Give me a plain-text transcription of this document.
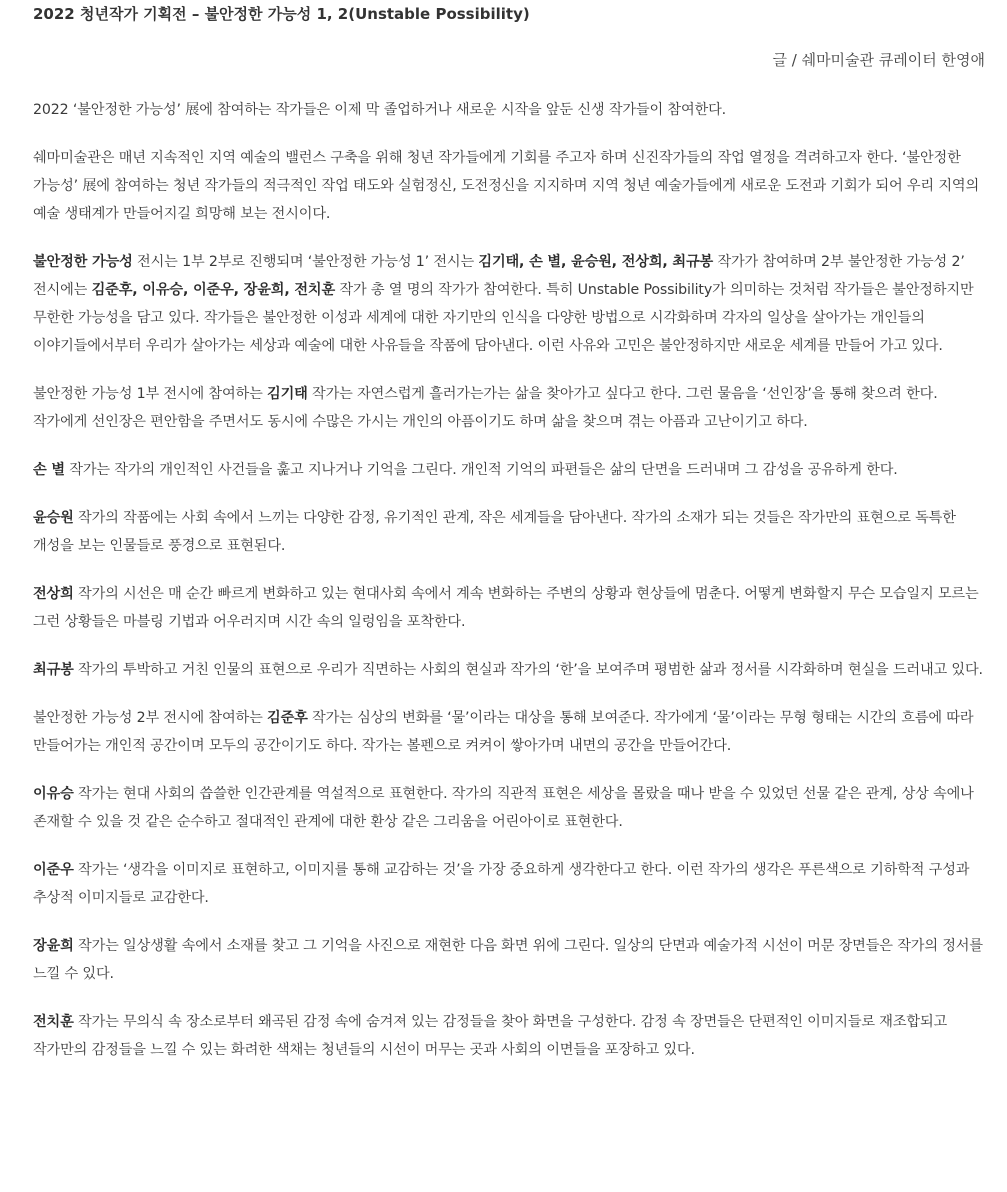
2022 청년작가 기획전 – 불안정한 가능성 1, 2(Unstable Possibility)

글 / 쉐마미술관 큐레이터 한영애

2022 ‘불안정한 가능성’ 展에 참여하는 작가들은 이제 막 졸업하거나 새로운 시작을 앞둔 신생 작가들이 참여한다.

쉐마미술관은 매년 지속적인 지역 예술의 밸런스 구축을 위해 청년 작가들에게 기회를 주고자 하며 신진작가들의 작업 열정을 격려하고자 한다. ‘불안정한 가능성’ 展에 참여하는 청년 작가들의 적극적인 작업 태도와 실험정신, 도전정신을 지지하며 지역 청년 예술가들에게 새로운 도전과 기회가 되어 우리 지역의 예술 생태계가 만들어지길 희망해 보는 전시이다.

불안정한 가능성 전시는 1부 2부로 진행되며 ‘불안정한 가능성 1’ 전시는 김기태, 손 별, 윤승원, 전상희, 최규봉 작가가 참여하며 2부 불안정한 가능성 2’ 전시에는 김준후, 이유승, 이준우, 장윤희, 전치훈 작가 총 열 명의 작가가 참여한다. 특히 Unstable Possibility가 의미하는 것처럼 작가들은 불안정하지만 무한한 가능성을 담고 있다. 작가들은 불안정한 이성과 세계에 대한 자기만의 인식을 다양한 방법으로 시각화하며 각자의 일상을 살아가는 개인들의 이야기들에서부터 우리가 살아가는 세상과 예술에 대한 사유들을 작품에 담아낸다. 이런 사유와 고민은 불안정하지만 새로운 세계를 만들어 가고 있다.

불안정한 가능성 1부 전시에 참여하는 김기태 작가는 자연스럽게 흘러가는가는 삶을 찾아가고 싶다고 한다. 그런 물음을 ‘선인장’을 통해 찾으려 한다. 작가에게 선인장은 편안함을 주면서도 동시에 수많은 가시는 개인의 아픔이기도 하며 삶을 찾으며 겪는 아픔과 고난이기고 하다.

손 별 작가는 작가의 개인적인 사건들을 훑고 지나거나 기억을 그린다. 개인적 기억의 파편들은 삶의 단면을 드러내며 그 감성을 공유하게 한다.

윤승원 작가의 작품에는 사회 속에서 느끼는 다양한 감정, 유기적인 관계, 작은 세계들을 담아낸다. 작가의 소재가 되는 것들은 작가만의 표현으로 독특한 개성을 보는 인물들로 풍경으로 표현된다.

전상희 작가의 시선은 매 순간 빠르게 변화하고 있는 현대사회 속에서 계속 변화하는 주변의 상황과 현상들에 멈춘다. 어떻게 변화할지 무슨 모습일지 모르는 그런 상황들은 마블링 기법과 어우러지며 시간 속의 일렁임을 포착한다.

최규봉 작가의 투박하고 거친 인물의 표현으로 우리가 직면하는 사회의 현실과 작가의 ‘한’을 보여주며 평범한 삶과 정서를 시각화하며 현실을 드러내고 있다.

불안정한 가능성 2부 전시에 참여하는 김준후 작가는 심상의 변화를 ‘물’이라는 대상을 통해 보여준다. 작가에게 ‘물’이라는 무형 형태는 시간의 흐름에 따라 만들어가는 개인적 공간이며 모두의 공간이기도 하다. 작가는 볼펜으로 켜켜이 쌓아가며 내면의 공간을 만들어간다.

이유승 작가는 현대 사회의 씁쓸한 인간관계를 역설적으로 표현한다. 작가의 직관적 표현은 세상을 몰랐을 때나 받을 수 있었던 선물 같은 관계, 상상 속에나 존재할 수 있을 것 같은 순수하고 절대적인 관계에 대한 환상 같은 그리움을 어린아이로 표현한다.

이준우 작가는 ‘생각을 이미지로 표현하고, 이미지를 통해 교감하는 것’을 가장 중요하게 생각한다고 한다. 이런 작가의 생각은 푸른색으로 기하학적 구성과 추상적 이미지들로 교감한다.

장윤희 작가는 일상생활 속에서 소재를 찾고 그 기억을 사진으로 재현한 다음 화면 위에 그린다. 일상의 단면과 예술가적 시선이 머문 장면들은 작가의 정서를 느낄 수 있다.

전치훈 작가는 무의식 속 장소로부터 왜곡된 감정 속에 숨겨져 있는 감정들을 찾아 화면을 구성한다. 감정 속 장면들은 단편적인 이미지들로 재조합되고 작가만의 감정들을 느낄 수 있는 화려한 색채는 청년들의 시선이 머무는 곳과 사회의 이면들을 포장하고 있다.
